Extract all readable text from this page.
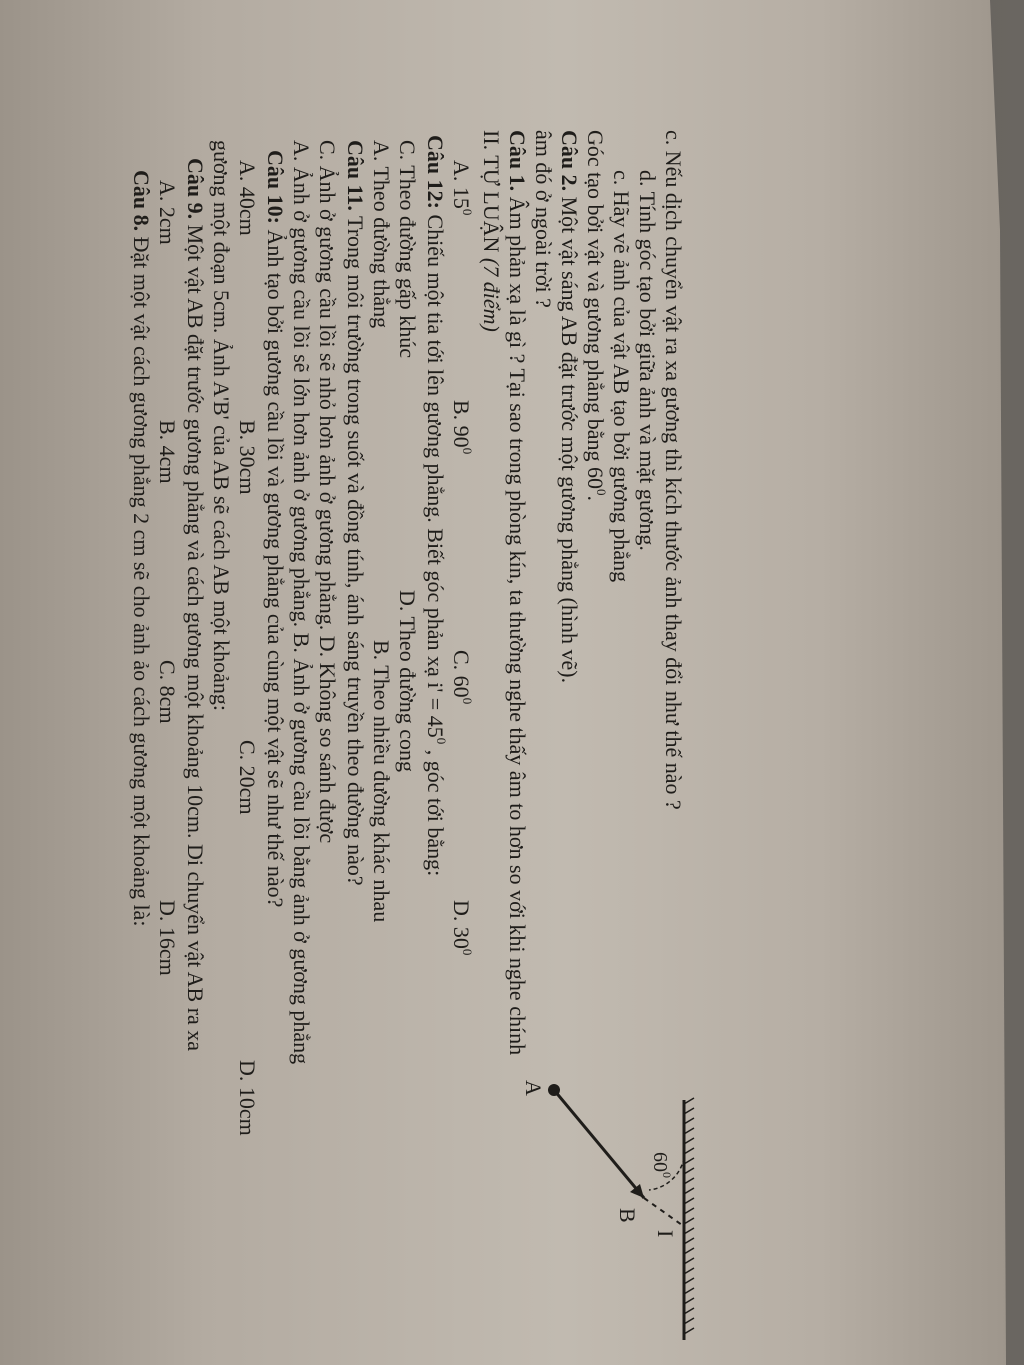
Câu 8. Đặt một vật cách gương phẳng 2 cm sẽ cho ảnh ảo cách gương một khoảng là:
A. 2cm
B. 4cm
C. 8cm
D. 16cm
Câu 9. Một vật AB đặt trước gương phẳng và cách gương một khoảng 10cm. Di chuyển vật AB ra xa gương một đoạn 5cm. Ảnh A'B' của AB sẽ cách AB một khoảng: A. 40cm
B. 30cm
C. 20cm
D. 10cm
Câu 10: Ảnh tạo bởi gương cầu lồi và gương phẳng của cùng một vật sẽ như thế nào? A. Ảnh ở gương cầu lồi sẽ lớn hơn ảnh ở gương phẳng. B. Ảnh ở gương cầu lồi bằng ảnh ở gương phẳng C. Ảnh ở gương cầu lồi sẽ nhỏ hơn ảnh ở gương phẳng. D. Không so sánh được Câu 11. Trong môi trường trong suốt và đồng tính, ánh sáng truyền theo đường nào? A. Theo đường thẳng
B. Theo nhiều đường khác nhau
C. Theo đường gấp khúc
D. Theo đường cong
Câu 12: Chiếu một tia tới lên gương phẳng. Biết góc phản xạ $i' = 45^0$ , góc tới bằng:
A. $15^0$
B. $90^0$
C. $60^0$
D. $30^0$
II. TỰ LUẬN (7 điểm)
Câu 1. Âm phản xạ là gì ? Tại sao trong phòng kín, ta thường nghe thấy âm to hơn so với khi nghe chính âm đó ở ngoài trời ? Câu 2. Một vật sáng AB đặt trước một gương phẳng (hình vẽ). Góc tạo bởi vật và gương phẳng bằng $60^0$. c. Hãy vẽ ảnh của vật AB tạo bởi gương phẳng d. Tính góc tạo bởi giữa ảnh và mặt gương. c. Nếu dịch chuyển vật ra xa gương thì kích thước ảnh thay đổi như thế nào ?
A
B
I
$60^0$
